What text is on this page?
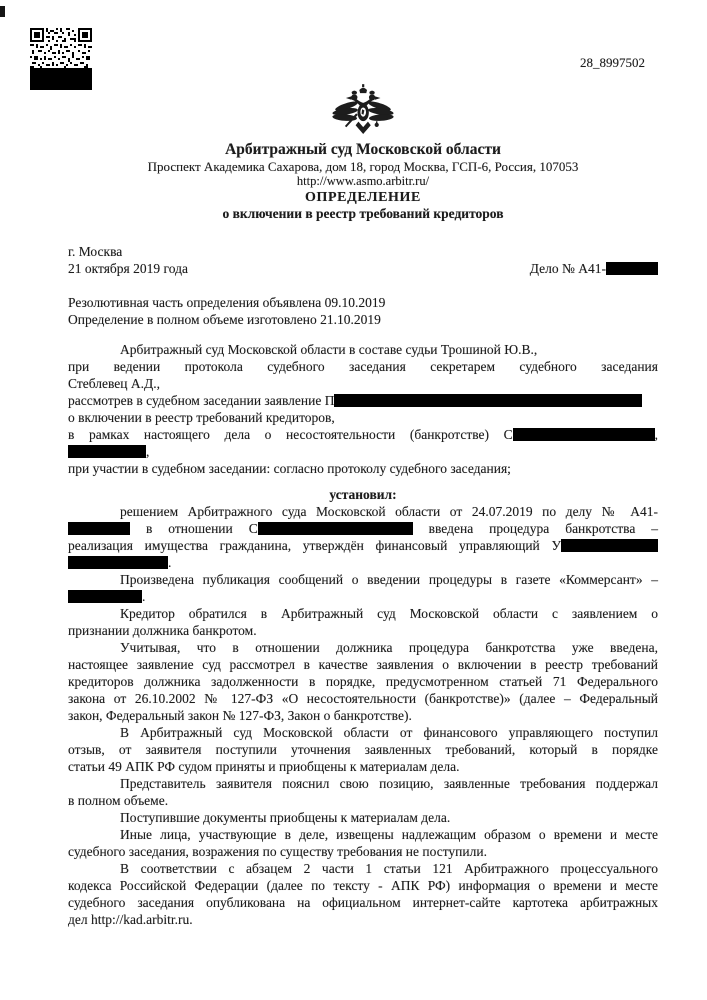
28_8997502
Арбитражный суд Московской области
Проспект Академика Сахарова, дом 18, город Москва, ГСП-6, Россия, 107053
http://www.asmo.arbitr.ru/
ОПРЕДЕЛЕНИЕ
о включении в реестр требований кредиторов
г. Москва
21 октября 2019 года	Дело № А41-
Резолютивная часть определения объявлена 09.10.2019
Определение в полном объеме изготовлено 21.10.2019
Арбитражный суд Московской области в составе судьи Трошиной Ю.В.,
при ведении протокола судебного заседания секретарем судебного заседания
Стеблевец А.Д.,
рассмотрев в судебном заседании заявление П
о включении в реестр требований кредиторов,
в рамках настоящего дела о несостоятельности (банкротстве) С	,
,
при участии в судебном заседании: согласно протоколу судебного заседания;
установил:
решением Арбитражного суда Московской области от 24.07.2019 по делу № А41-
в отношении С	введена процедура банкротства –
реализация имущества гражданина, утверждён финансовый управляющий У
.
Произведена публикация сообщений о введении процедуры в газете «Коммерсант» –
.
Кредитор обратился в Арбитражный суд Московской области с заявлением о
признании должника банкротом.
Учитывая, что в отношении должника процедура банкротства уже введена,
настоящее заявление суд рассмотрел в качестве заявления о включении в реестр требований
кредиторов должника задолженности в порядке, предусмотренном статьей 71 Федерального
закона от 26.10.2002 № 127-ФЗ «О несостоятельности (банкротстве)» (далее – Федеральный
закон, Федеральный закон № 127-ФЗ, Закон о банкротстве).
В Арбитражный суд Московской области от финансового управляющего поступил
отзыв, от заявителя поступили уточнения заявленных требований, который в порядке
статьи 49 АПК РФ судом приняты и приобщены к материалам дела.
Представитель заявителя пояснил свою позицию, заявленные требования поддержал
в полном объеме.
Поступившие документы приобщены к материалам дела.
Иные лица, участвующие в деле, извещены надлежащим образом о времени и месте
судебного заседания, возражения по существу требования не поступили.
В соответствии с абзацем 2 части 1 статьи 121 Арбитражного процессуального
кодекса Российской Федерации (далее по тексту - АПК РФ) информация о времени и месте
судебного заседания опубликована на официальном интернет-сайте картотека арбитражных
дел http://kad.arbitr.ru.
